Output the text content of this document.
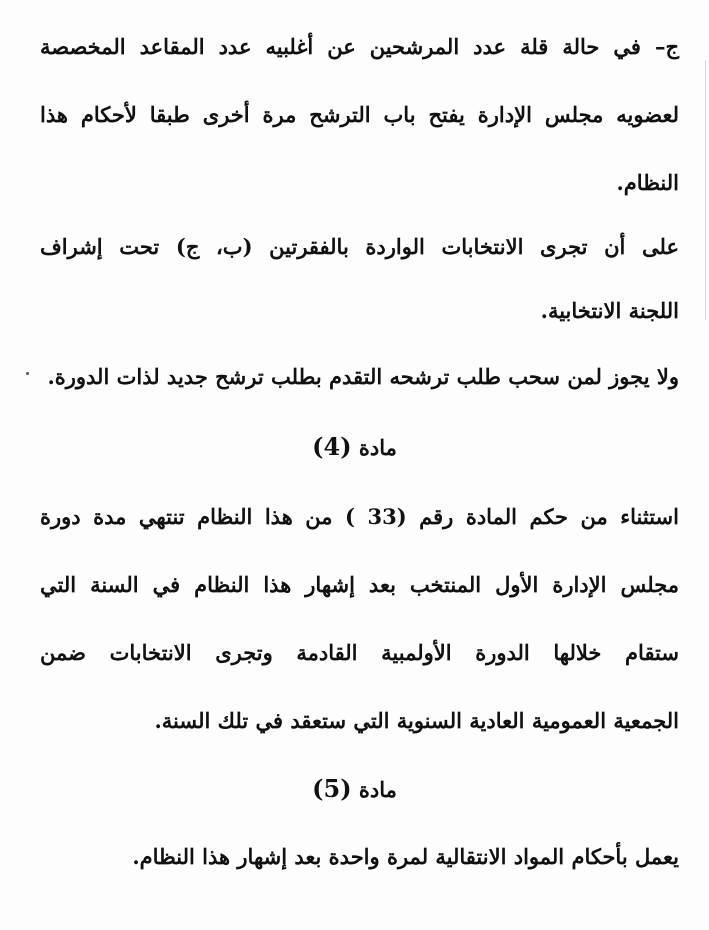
ج– في حالة قلة عدد المرشحين عن أغلبيه عدد المقاعد المخصصة
لعضويه مجلس الإدارة يفتح باب الترشح مرة أخرى طبقا لأحكام هذا
النظام.
على أن تجرى الانتخابات الواردة بالفقرتين (ب، ج) تحت إشراف
اللجنة الانتخابية.
ولا يجوز لمن سحب طلب ترشحه التقدم بطلب ترشح جديد لذات الدورة.
مادة (4)
استثناء من حكم المادة رقم (33 ) من هذا النظام تنتهي مدة دورة
مجلس الإدارة الأول المنتخب بعد إشهار هذا النظام في السنة التي
ستقام خلالها الدورة الأولمبية القادمة وتجرى الانتخابات ضمن
الجمعية العمومية العادية السنوية التي ستعقد في تلك السنة.
مادة (5)
يعمل بأحكام المواد الانتقالية لمرة واحدة بعد إشهار هذا النظام.
